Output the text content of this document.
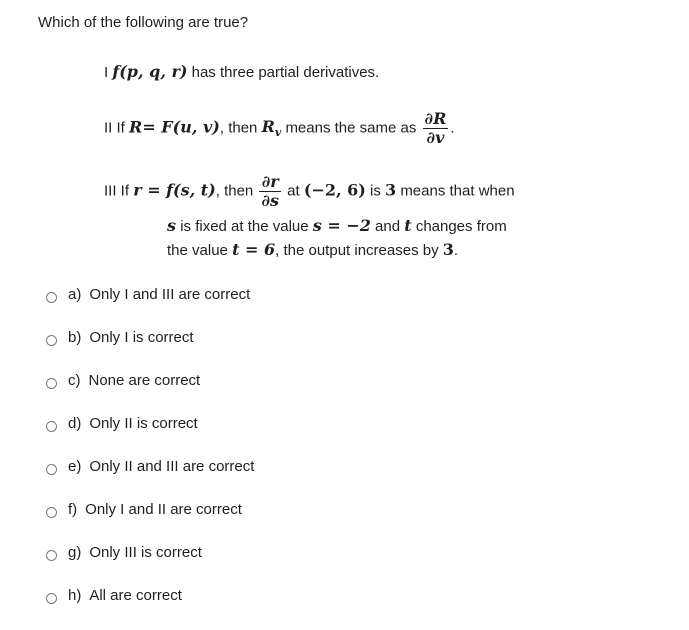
Which of the following are true?
I f(p, q, r) has three partial derivatives.
II If R= F(u, v), then $R_v$ means the same as $\frac{\partial R}{\partial v}$ .
III If r = f(s, t), then $\frac{\partial r}{\partial s}$ at (−2, 6) is 3 means that when
s is fixed at the value s = −2 and t changes from
the value t = 6, the output increases by 3.
a) Only I and III are correct
b) Only I is correct
c) None are correct
d) Only II is correct
e) Only II and III are correct
f) Only I and II are correct
g) Only III is correct
h) All are correct
